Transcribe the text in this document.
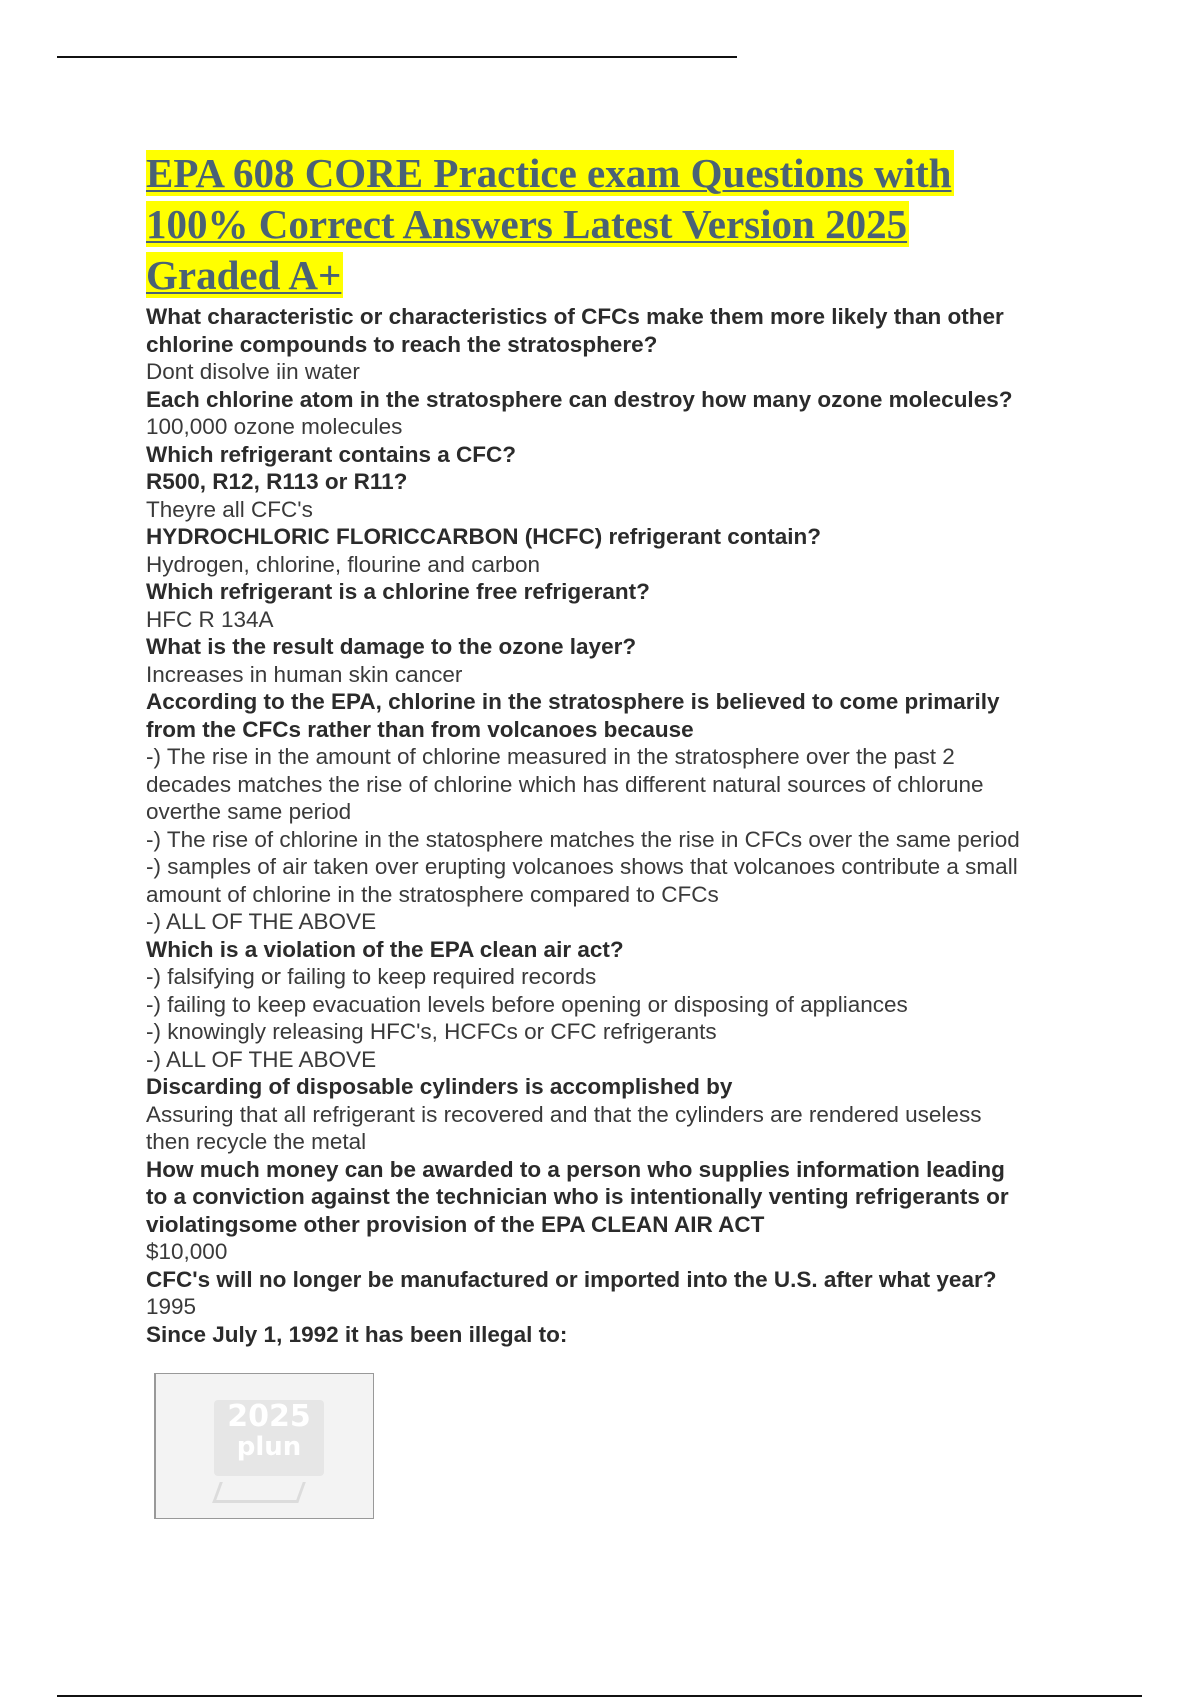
EPA 608 CORE Practice exam Questions with
100% Correct Answers Latest Version 2025
Graded A+
What characteristic or characteristics of CFCs make them more likely than other
chlorine compounds to reach the stratosphere?
Dont disolve iin water
Each chlorine atom in the stratosphere can destroy how many ozone molecules?
100,000 ozone molecules
Which refrigerant contains a CFC?
R500, R12, R113 or R11?
Theyre all CFC's
HYDROCHLORIC FLORICCARBON (HCFC) refrigerant contain?
Hydrogen, chlorine, flourine and carbon
Which refrigerant is a chlorine free refrigerant?
HFC R 134A
What is the result damage to the ozone layer?
Increases in human skin cancer
According to the EPA, chlorine in the stratosphere is believed to come primarily
from the CFCs rather than from volcanoes because
-) The rise in the amount of chlorine measured in the stratosphere over the past 2
decades matches the rise of chlorine which has different natural sources of chlorune
overthe same period
-) The rise of chlorine in the statosphere matches the rise in CFCs over the same period
-) samples of air taken over erupting volcanoes shows that volcanoes contribute a small
amount of chlorine in the stratosphere compared to CFCs
-) ALL OF THE ABOVE
Which is a violation of the EPA clean air act?
-) falsifying or failing to keep required records
-) failing to keep evacuation levels before opening or disposing of appliances
-) knowingly releasing HFC's, HCFCs or CFC refrigerants
-) ALL OF THE ABOVE
Discarding of disposable cylinders is accomplished by
Assuring that all refrigerant is recovered and that the cylinders are rendered useless
then recycle the metal
How much money can be awarded to a person who supplies information leading
to a conviction against the technician who is intentionally venting refrigerants or
violatingsome other provision of the EPA CLEAN AIR ACT
$10,000
CFC's will no longer be manufactured or imported into the U.S. after what year?
1995
Since July 1, 1992 it has been illegal to:
2025
plun
